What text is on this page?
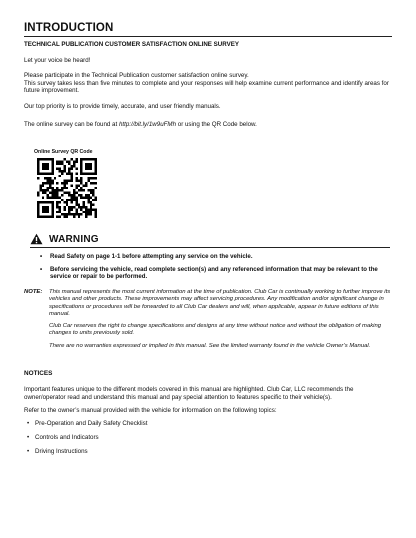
INTRODUCTION
TECHNICAL PUBLICATION CUSTOMER SATISFACTION ONLINE SURVEY
Let your voice be heard!
Please participate in the Technical Publication customer satisfaction online survey.
This survey takes less than five minutes to complete and your responses will help examine current performance and identify areas for future improvement.
Our top priority is to provide timely, accurate, and user friendly manuals.
The online survey can be found at http://bit.ly/1w9uFMh or using the QR Code below.
Online Survey QR Code
WARNING
• Read Safety on page 1-1 before attempting any service on the vehicle.
• Before servicing the vehicle, read complete section(s) and any referenced information that may be relevant to the service or repair to be performed.
NOTE: This manual represents the most current information at the time of publication. Club Car is continually working to further improve its vehicles and other products. These improvements may affect servicing procedures. Any modification and/or significant change in specifications or procedures will be forwarded to all Club Car dealers and will, when applicable, appear in future editions of this manual.

Club Car reserves the right to change specifications and designs at any time without notice and without the obligation of making changes to units previously sold.

There are no warranties expressed or implied in this manual. See the limited warranty found in the vehicle Owner’s Manual.

NOTICES
Important features unique to the different models covered in this manual are highlighted. Club Car, LLC recommends the owner/operator read and understand this manual and pay special attention to features specific to their vehicle(s).
Refer to the owner’s manual provided with the vehicle for information on the following topics:
• Pre-Operation and Daily Safety Checklist
• Controls and Indicators
• Driving Instructions
